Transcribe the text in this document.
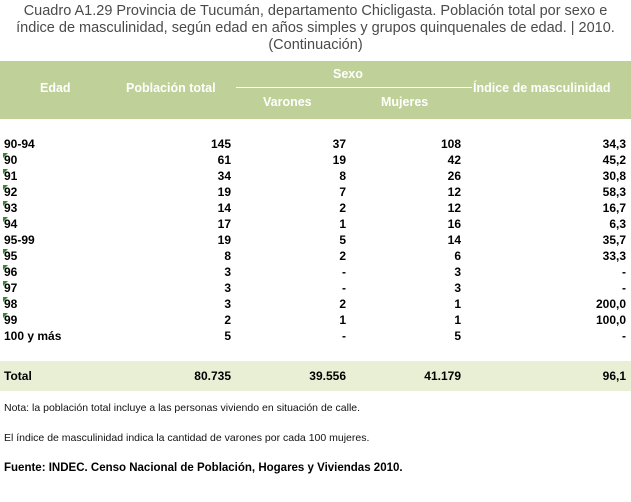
Cuadro A1.29 Provincia de Tucumán, departamento Chicligasta. Población total por sexo e
índice de masculinidad, según edad en años simples y grupos quinquenales de edad. | 2010.
(Continuación)
Edad	Población total
Sexo
Varones	Mujeres
Índice de masculinidad
90-94	145	37	108	34,3
90	61	19	42	45,2
91	34	8	26	30,8
92	19	7	12	58,3
93	14	2	12	16,7
94	17	1	16	6,3
95-99	19	5	14	35,7
95	8	2	6	33,3
96	3	-	3	-
97	3	-	3	-
98	3	2	1	200,0
99	2	1	1	100,0
100 y más	5	-	5	-
Total	80.735	39.556	41.179	96,1
Nota: la población total incluye a las personas viviendo en situación de calle.
El índice de masculinidad indica la cantidad de varones por cada 100 mujeres.
Fuente: INDEC. Censo Nacional de Población, Hogares y Viviendas 2010.
